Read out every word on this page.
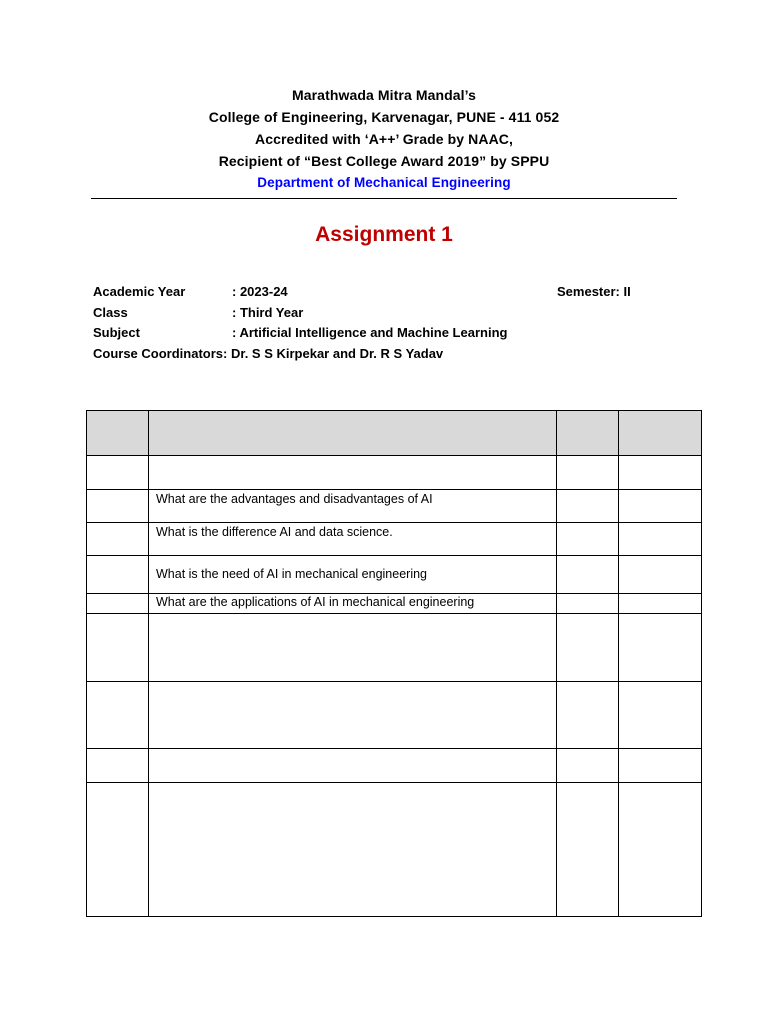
Marathwada Mitra Mandal’s
College of Engineering, Karvenagar, PUNE - 411 052
Accredited with ‘A++’ Grade by NAAC,
Recipient of “Best College Award 2019” by SPPU
Department of Mechanical Engineering
Assignment 1
Academic Year	: 2023-24	Semester: II
Class	: Third Year
Subject	: Artificial Intelligence and Machine Learning
Course Coordinators: Dr. S S Kirpekar and Dr. R S Yadav

	What are the advantages and disadvantages of AI		

	What is the difference AI and data science.		

	What is the need of AI in mechanical engineering		

	What are the applications of AI in mechanical engineering		
